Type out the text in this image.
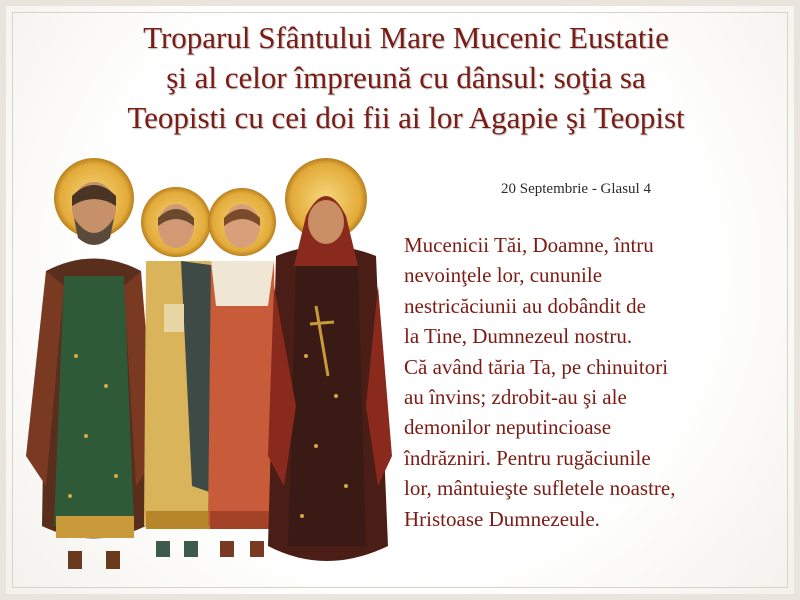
Troparul Sfântului Mare Mucenic Eustatie
şi al celor împreună cu dânsul: soţia sa
Teopisti cu cei doi fii ai lor Agapie şi Teopist
20 Septembrie - Glasul 4

Mucenicii Tăi, Doamne, întru
nevoinţele lor, cununile
nestricăciunii au dobândit de
la Tine, Dumnezeul nostru.
Că având tăria Ta, pe chinuitori
au învins; zdrobit-au şi ale
demonilor neputincioase
îndrăzniri. Pentru rugăciunile
lor, mântuieşte sufletele noastre,
Hristoase Dumnezeule.
